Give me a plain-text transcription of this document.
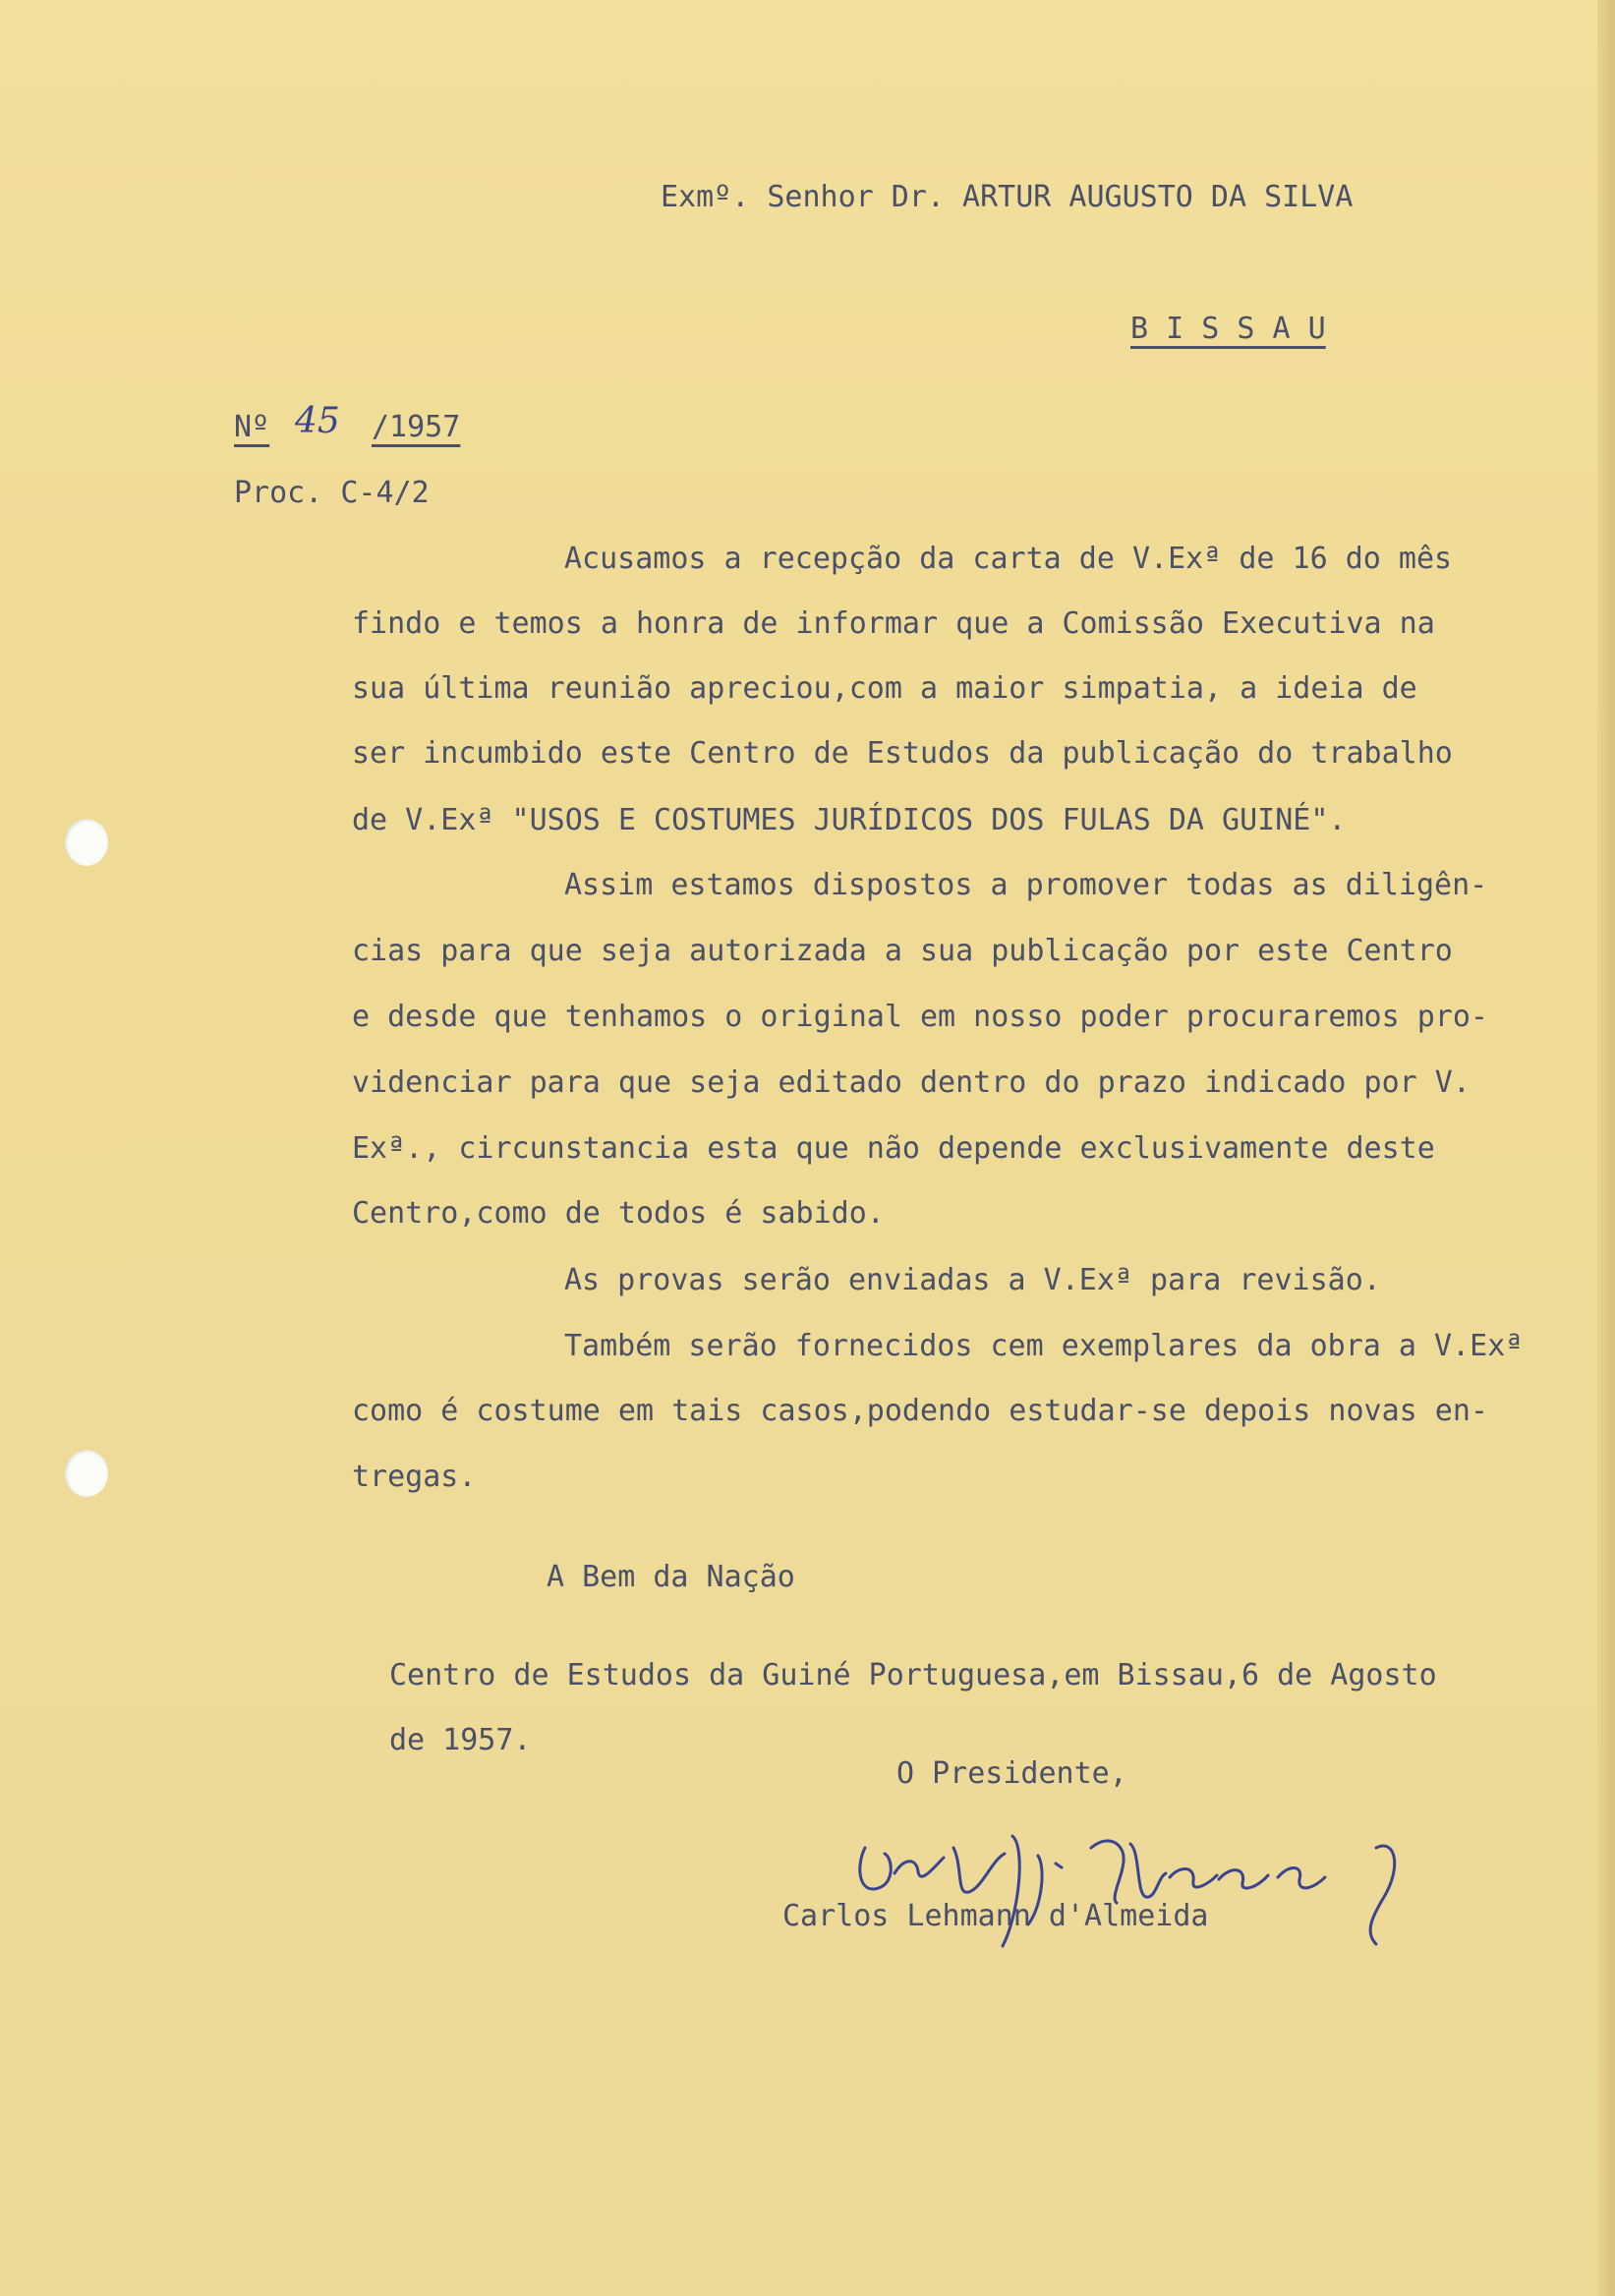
Exmº. Senhor Dr. ARTUR AUGUSTO DA SILVA
B I S S A U
Nº 45 /1957
Proc. C-4/2
Acusamos a recepção da carta de V.Exª de 16 do mês
findo e temos a honra de informar que a Comissão Executiva na
sua última reunião apreciou,com a maior simpatia, a ideia de
ser incumbido este Centro de Estudos da publicação do trabalho
de V.Exª "USOS E COSTUMES JURÍDICOS DOS FULAS DA GUINÉ".
Assim estamos dispostos a promover todas as diligên-
cias para que seja autorizada a sua publicação por este Centro
e desde que tenhamos o original em nosso poder procuraremos pro-
videnciar para que seja editado dentro do prazo indicado por V.
Exª., circunstancia esta que não depende exclusivamente deste
Centro,como de todos é sabido.
As provas serão enviadas a V.Exª para revisão.
Também serão fornecidos cem exemplares da obra a V.Exª
como é costume em tais casos,podendo estudar-se depois novas en-
tregas.
A Bem da Nação
Centro de Estudos da Guiné Portuguesa,em Bissau,6 de Agosto
de 1957.
O Presidente,
Carlos Lehmann d'Almeida
